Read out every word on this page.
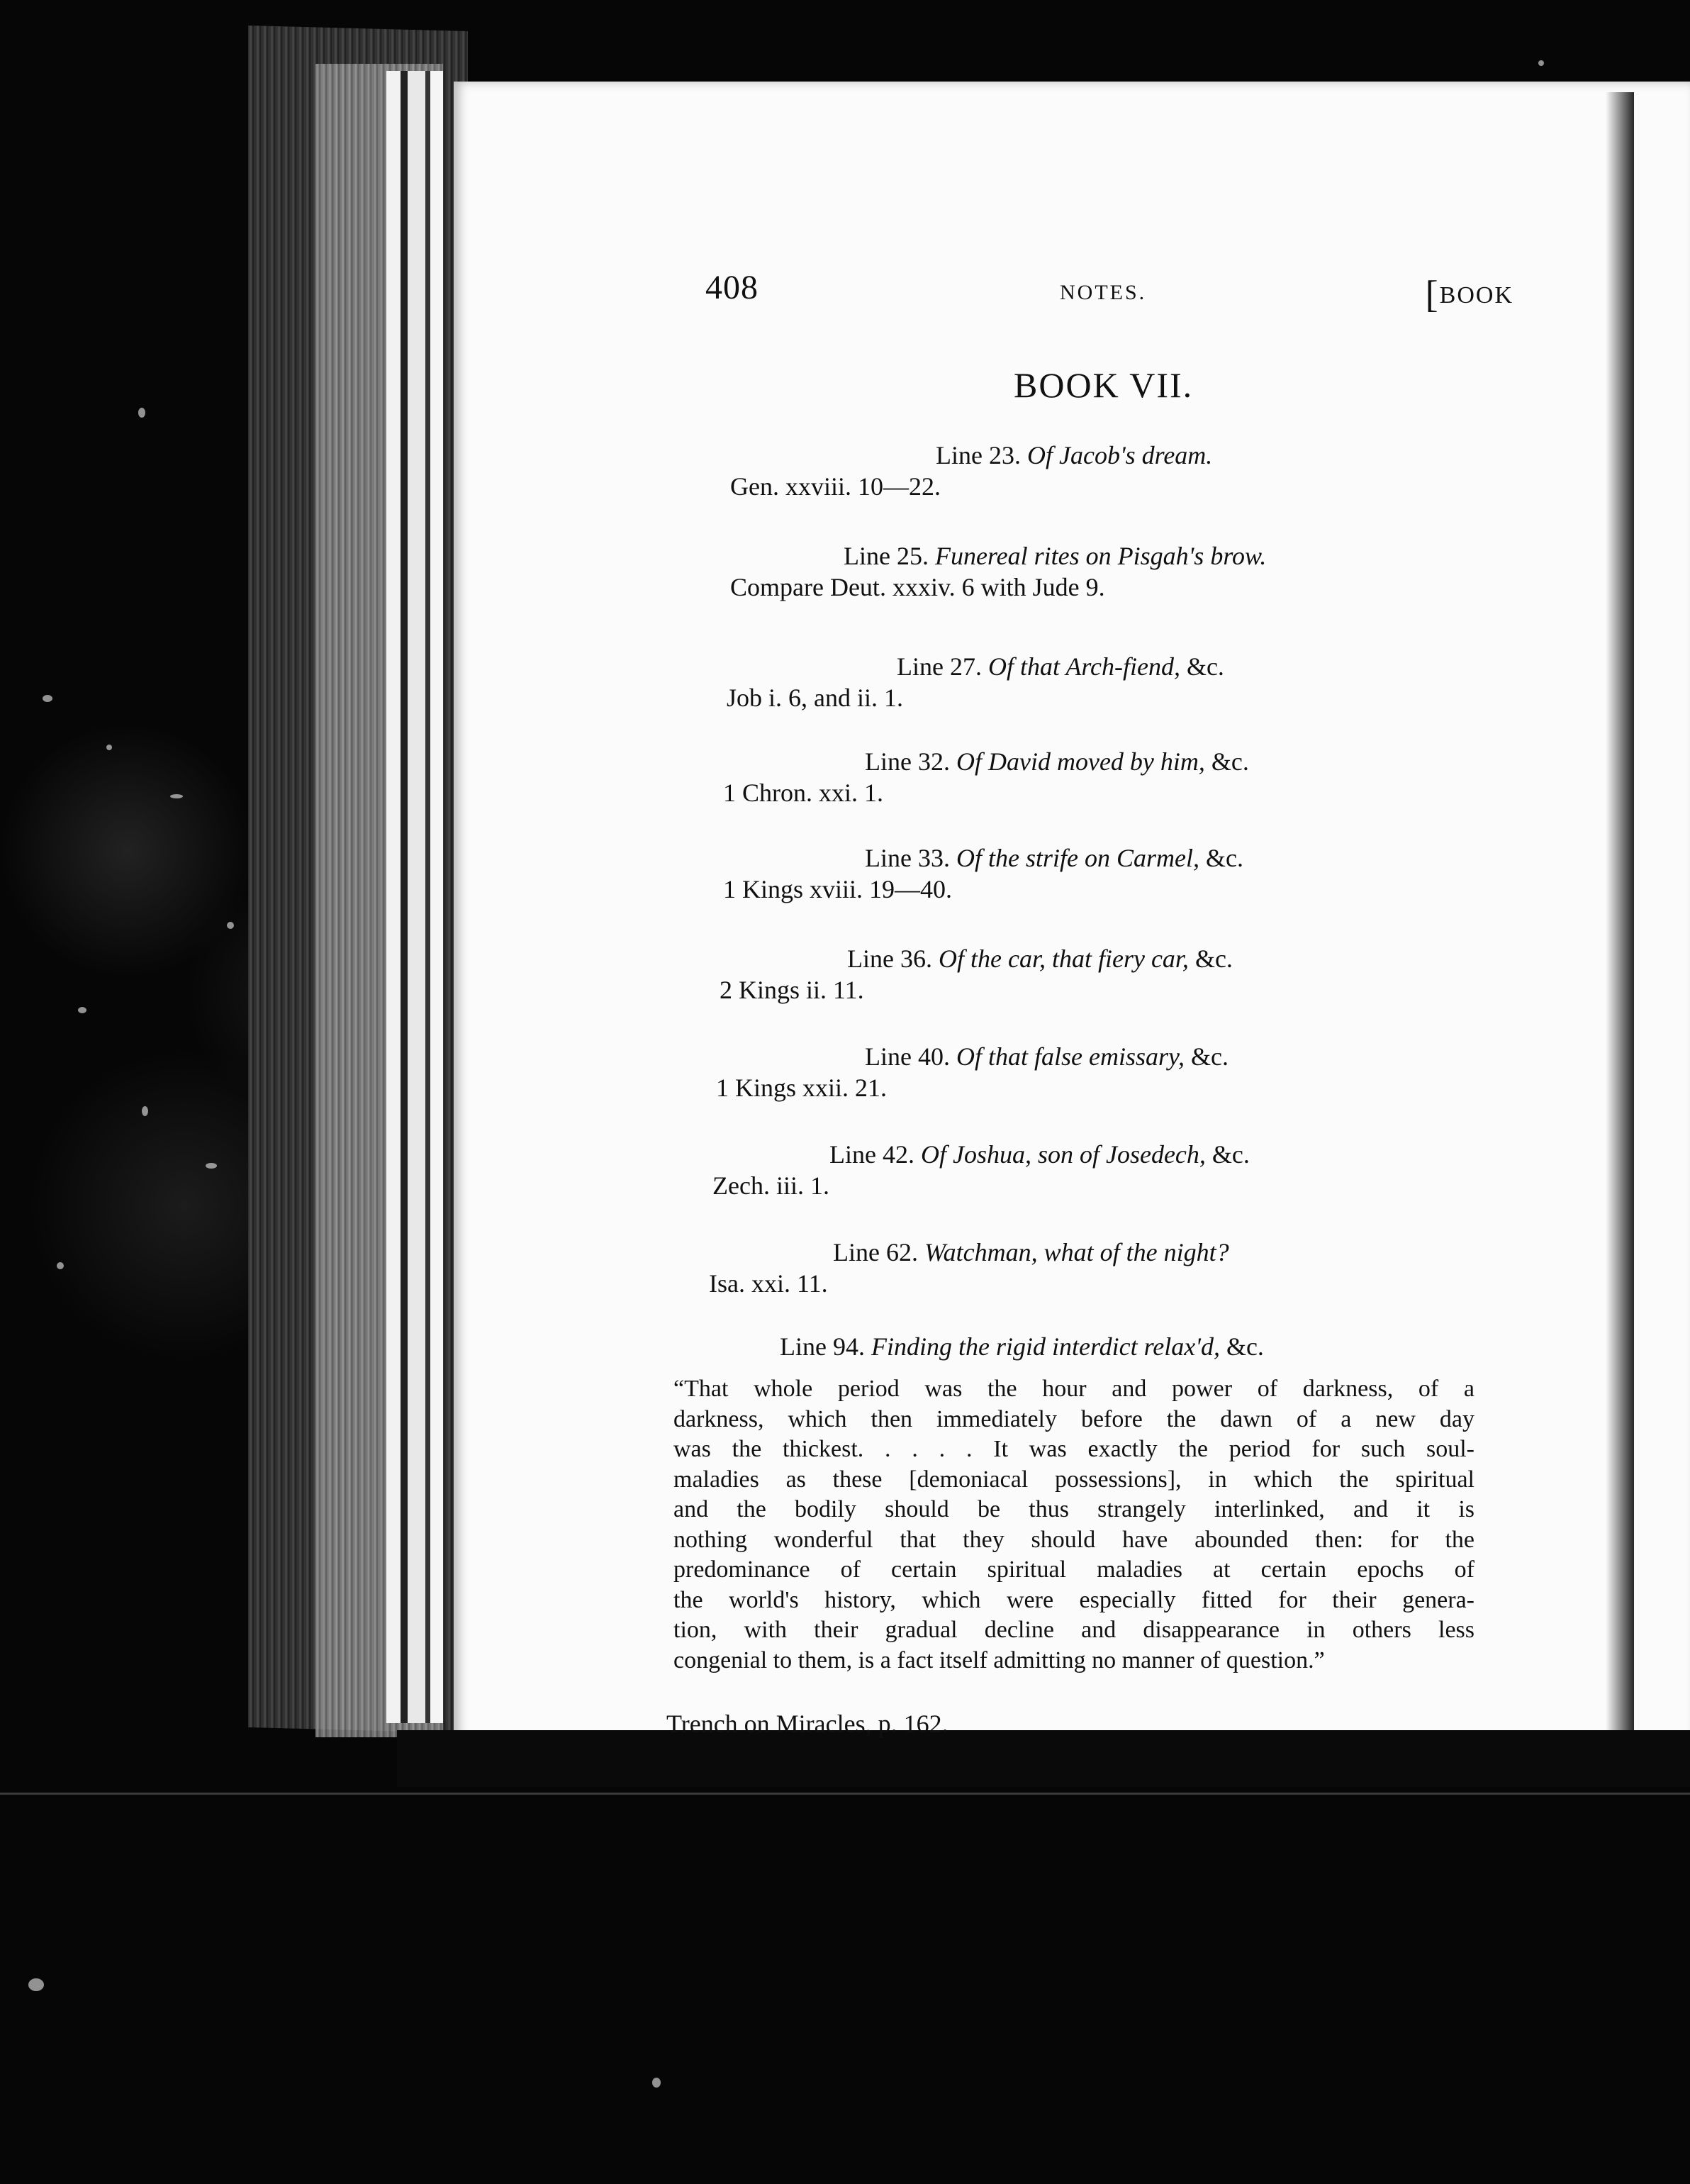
408	NOTES.	[BOOK
BOOK VII.
Line 23. Of Jacob's dream.
Gen. xxviii. 10—22.
Line 25. Funereal rites on Pisgah's brow.
Compare Deut. xxxiv. 6 with Jude 9.
Line 27. Of that Arch-fiend, &c.
Job i. 6, and ii. 1.
Line 32. Of David moved by him, &c.
1 Chron. xxi. 1.
Line 33. Of the strife on Carmel, &c.
1 Kings xviii. 19—40.
Line 36. Of the car, that fiery car, &c.
2 Kings ii. 11.
Line 40. Of that false emissary, &c.
1 Kings xxii. 21.
Line 42. Of Joshua, son of Josedech, &c.
Zech. iii. 1.
Line 62. Watchman, what of the night?
Isa. xxi. 11.
Line 94. Finding the rigid interdict relax'd, &c.
“That whole period was the hour and power of darkness, of a
darkness, which then immediately before the dawn of a new day
was the thickest. . . . . It was exactly the period for such soul-
maladies as these [demoniacal possessions], in which the spiritual
and the bodily should be thus strangely interlinked, and it is
nothing wonderful that they should have abounded then: for the
predominance of certain spiritual maladies at certain epochs of
the world's history, which were especially fitted for their genera-
tion, with their gradual decline and disappearance in others less
congenial to them, is a fact itself admitting no manner of question.”
Trench on Miracles, p. 162.
